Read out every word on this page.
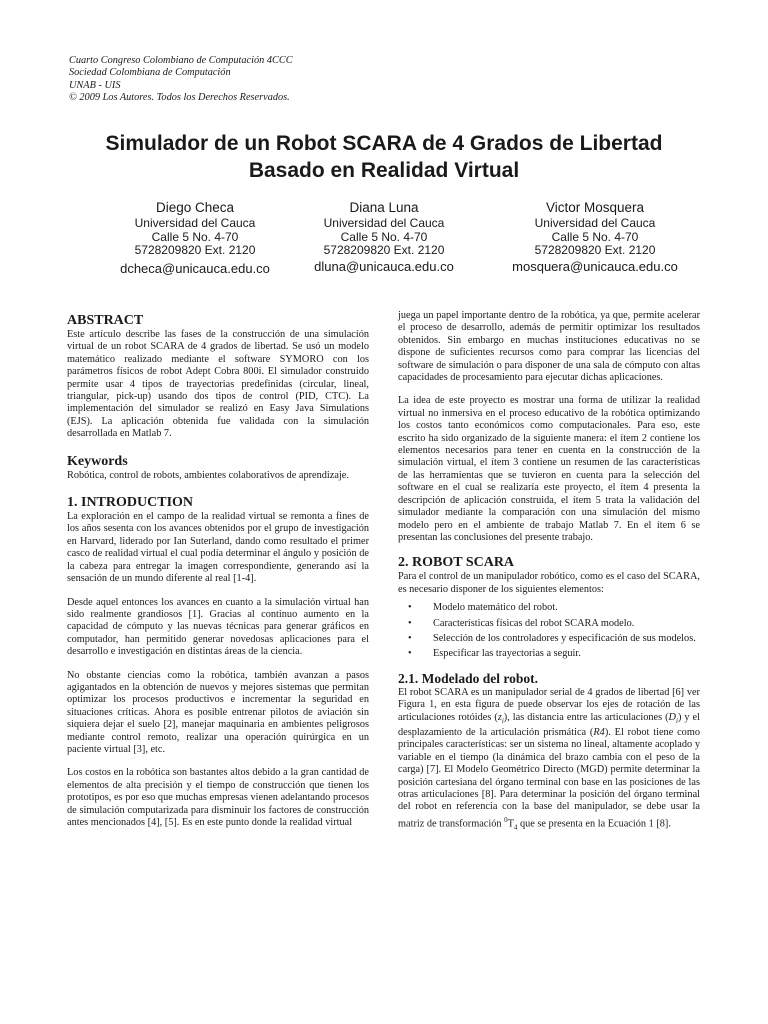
Cuarto Congreso Colombiano de Computación 4CCC
Sociedad Colombiana de Computación
UNAB - UIS
© 2009 Los Autores. Todos los Derechos Reservados.
Simulador de un Robot SCARA de 4 Grados de Libertad
Basado en Realidad Virtual
Diego Checa
Universidad del Cauca
Calle 5 No. 4-70
5728209820 Ext. 2120
dcheca@unicauca.edu.co
Diana Luna
Universidad del Cauca
Calle 5 No. 4-70
5728209820 Ext. 2120
dluna@unicauca.edu.co
Victor Mosquera
Universidad del Cauca
Calle 5 No. 4-70
5728209820 Ext. 2120
mosquera@unicauca.edu.co
ABSTRACT

Este artículo describe las fases de la construcción de una simulación virtual de un robot SCARA de 4 grados de libertad. Se usó un modelo matemático realizado mediante el software SYMORO con los parámetros físicos de robot Adept Cobra 800i. El simulador construido permite usar 4 tipos de trayectorias predefinidas (circular, lineal, triangular, pick-up) usando dos tipos de control (PID, CTC). La implementación del simulador se realizó en Easy Java Simulations (EJS). La aplicación obtenida fue validada con la simulación desarrollada en Matlab 7.

Keywords

Robótica, control de robots, ambientes colaborativos de aprendizaje.

1. INTRODUCTION

La exploración en el campo de la realidad virtual se remonta a fines de los años sesenta con los avances obtenidos por el grupo de investigación en Harvard, liderado por Ian Suterland, dando como resultado el primer casco de realidad virtual el cual podía determinar el ángulo y posición de la cabeza para entregar la imagen correspondiente, generando así la sensación de un mundo diferente al real [1-4].

Desde aquel entonces los avances en cuanto a la simulación virtual han sido realmente grandiosos [1]. Gracias al continuo aumento en la capacidad de cómputo y las nuevas técnicas para generar gráficos en computador, han permitido generar novedosas aplicaciones para el desarrollo e investigación en distintas áreas de la ciencia.

No obstante ciencias como la robótica, también avanzan a pasos agigantados en la obtención de nuevos y mejores sistemas que permitan optimizar los procesos productivos e incrementar la seguridad en situaciones críticas. Ahora es posible entrenar pilotos de aviación sin siquiera dejar el suelo [2], manejar maquinaria en ambientes peligrosos mediante control remoto, realizar una operación quirúrgica en un paciente virtual [3], etc.

Los costos en la robótica son bastantes altos debido a la gran cantidad de elementos de alta precisión y el tiempo de construcción que tienen los prototipos, es por eso que muchas empresas vienen adelantando procesos de simulación computarizada para disminuir los factores de construcción antes mencionados [4], [5]. Es en este punto donde la realidad virtual

juega un papel importante dentro de la robótica, ya que, permite acelerar el proceso de desarrollo, además de permitir optimizar los resultados obtenidos. Sin embargo en muchas instituciones educativas no se dispone de suficientes recursos como para comprar las licencias del software de simulación o para disponer de una sala de cómputo con altas capacidades de procesamiento para ejecutar dichas aplicaciones.

La idea de este proyecto es mostrar una forma de utilizar la realidad virtual no inmersiva en el proceso educativo de la robótica optimizando los costos tanto económicos como computacionales. Para eso, este escrito ha sido organizado de la siguiente manera: el ítem 2 contiene los elementos necesarios para tener en cuenta en la construcción de la simulación virtual, el ítem 3 contiene un resumen de las características de las herramientas que se tuvieron en cuenta para la selección del software en el cual se realizaría este proyecto, el ítem 4 presenta la descripción de aplicación construida, el ítem 5 trata la validación del simulador mediante la comparación con una simulación del mismo modelo pero en el ambiente de trabajo Matlab 7. En el ítem 6 se presentan las conclusiones del presente trabajo.

2. ROBOT SCARA

Para el control de un manipulador robótico, como es el caso del SCARA, es necesario disponer de los siguientes elementos:

• Modelo matemático del robot.
• Características físicas del robot SCARA modelo.
• Selección de los controladores y especificación de sus modelos.
• Especificar las trayectorias a seguir.
2.1. Modelado del robot.

El robot SCARA es un manipulador serial de 4 grados de libertad [6] ver Figura 1, en esta figura de puede observar los ejes de rotación de las articulaciones rotóides $(z_i)$, las distancia entre las articulaciones $(D_i)$ y el desplazamiento de la articulación prismática (R4). El robot tiene como principales características: ser un sistema no lineal, altamente acoplado y variable en el tiempo (la dinámica del brazo cambia con el peso de la carga) [7]. El Modelo Geométrico Directo (MGD) permite determinar la posición cartesiana del órgano terminal con base en las posiciones de las otras articulaciones [8]. Para determinar la posición del órgano terminal del robot en referencia con la base del manipulador, se debe usar la matriz de transformación $^0T_4$ que se presenta en la Ecuación 1 [8].
